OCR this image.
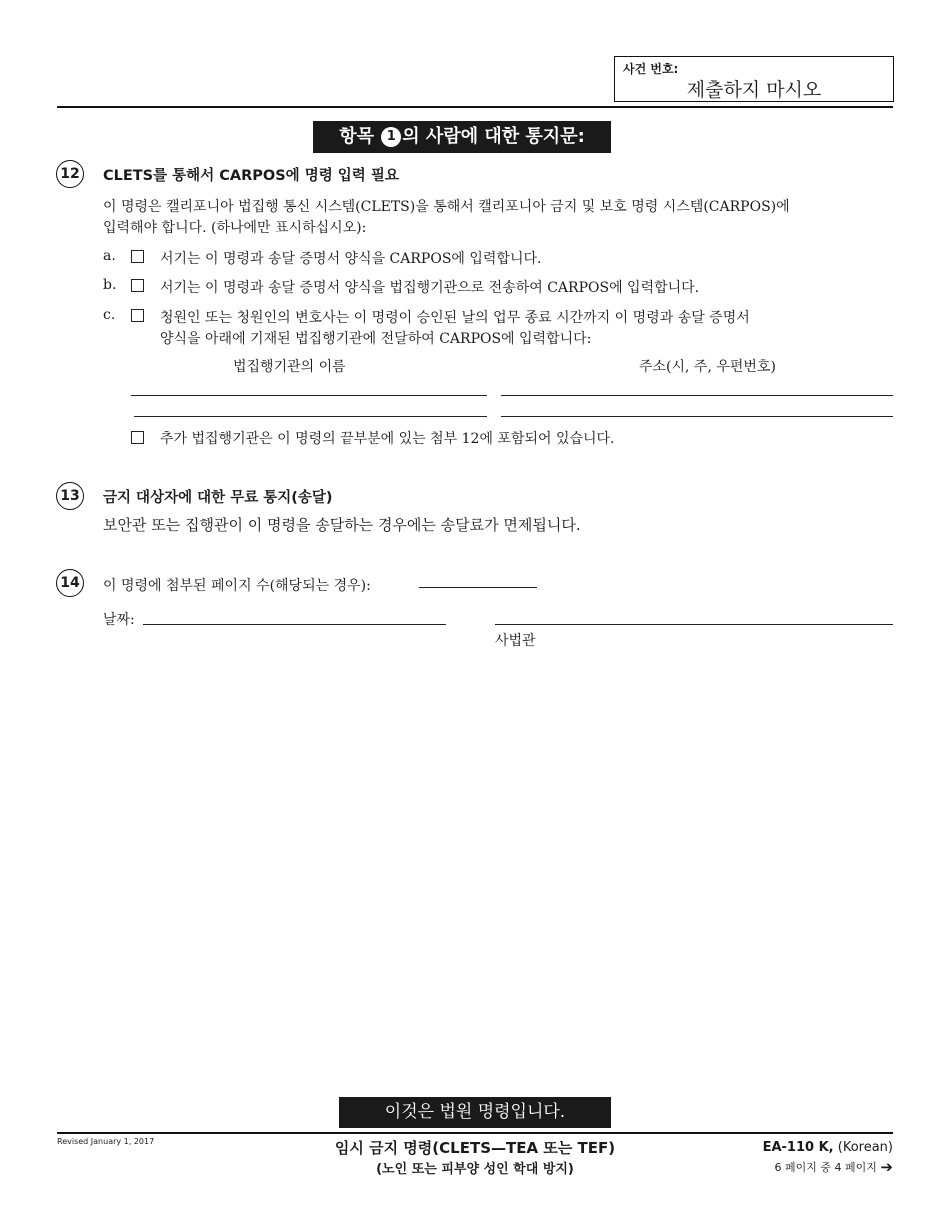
사건 번호:
제출하지 마시오
항목 1 의 사람에 대한 통지문:
12 CLETS를 통해서 CARPOS에 명령 입력 필요
이 명령은 캘리포니아 법집행 통신 시스템(CLETS)을 통해서 캘리포니아 금지 및 보호 명령 시스템(CARPOS)에
입력해야 합니다. (하나에만 표시하십시오):
a.	서기는 이 명령과 송달 증명서 양식을 CARPOS에 입력합니다.
b.	서기는 이 명령과 송달 증명서 양식을 법집행기관으로 전송하여 CARPOS에 입력합니다.
c.	청원인 또는 청원인의 변호사는 이 명령이 승인된 날의 업무 종료 시간까지 이 명령과 송달 증명서
양식을 아래에 기재된 법집행기관에 전달하여 CARPOS에 입력합니다:
법집행기관의 이름	주소(시, 주, 우편번호)
추가 법집행기관은 이 명령의 끝부분에 있는 첨부 12에 포함되어 있습니다.
13 금지 대상자에 대한 무료 통지(송달)
보안관 또는 집행관이 이 명령을 송달하는 경우에는 송달료가 면제됩니다.
14	이 명령에 첨부된 페이지 수(해당되는 경우):
날짜:
사법관
이것은 법원 명령입니다.
Revised January 1, 2017	임시 금지 명령(CLETS—TEA 또는 TEF)
(노인 또는 피부양 성인 학대 방지)
EA-110 K, (Korean)
6 페이지 중 4 페이지 ➔
